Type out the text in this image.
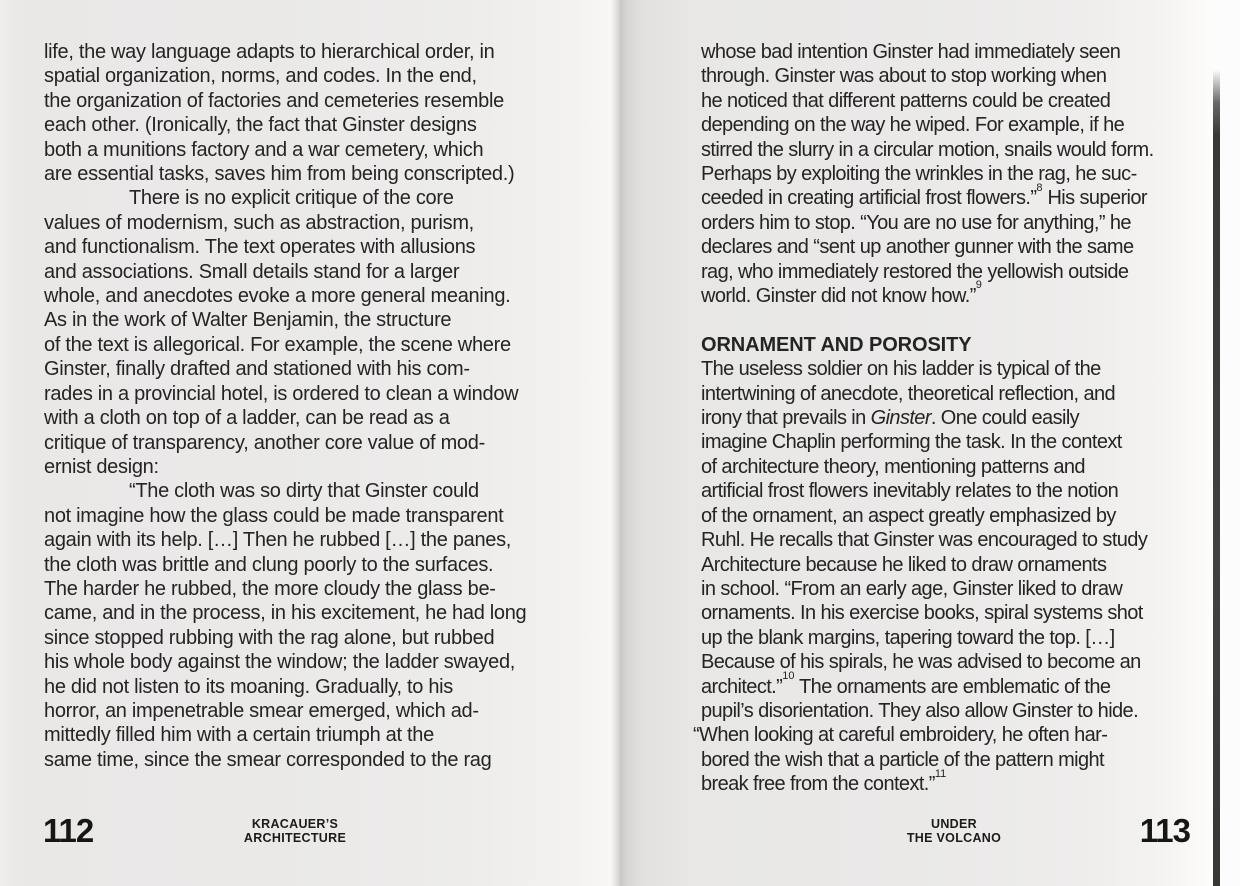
life, the way language adapts to hierarchical order, in
spatial organization, norms, and codes. In the end,
the organization of factories and cemeteries resemble
each other. (Ironically, the fact that Ginster designs
both a munitions factory and a war cemetery, which
are essential tasks, saves him from being conscripted.)
There is no explicit critique of the core
values of modernism, such as abstraction, purism,
and functionalism. The text operates with allusions
and associations. Small details stand for a larger
whole, and anecdotes evoke a more general meaning.
As in the work of Walter Benjamin, the structure
of the text is allegorical. For example, the scene where
Ginster, finally drafted and stationed with his com-
rades in a provincial hotel, is ordered to clean a window
with a cloth on top of a ladder, can be read as a
critique of transparency, another core value of mod-
ernist design:
“The cloth was so dirty that Ginster could
not imagine how the glass could be made transparent
again with its help. […] Then he rubbed […] the panes,
the cloth was brittle and clung poorly to the surfaces.
The harder he rubbed, the more cloudy the glass be-
came, and in the process, in his excitement, he had long
since stopped rubbing with the rag alone, but rubbed
his whole body against the window; the ladder swayed,
he did not listen to its moaning. Gradually, to his
horror, an impenetrable smear emerged, which ad-
mittedly filled him with a certain triumph at the
same time, since the smear corresponded to the rag
whose bad intention Ginster had immediately seen
through. Ginster was about to stop working when
he noticed that different patterns could be created
depending on the way he wiped. For example, if he
stirred the slurry in a circular motion, snails would form.
Perhaps by exploiting the wrinkles in the rag, he suc-
ceeded in creating artificial frost flowers.”$^8$ His superior
orders him to stop. “You are no use for anything,” he
declares and “sent up another gunner with the same
rag, who immediately restored the yellowish outside
world. Ginster did not know how.”$^9$
ORNAMENT AND POROSITY
The useless soldier on his ladder is typical of the
intertwining of anecdote, theoretical reflection, and
irony that prevails in Ginster. One could easily
imagine Chaplin performing the task. In the context
of architecture theory, mentioning patterns and
artificial frost flowers inevitably relates to the notion
of the ornament, an aspect greatly emphasized by
Ruhl. He recalls that Ginster was encouraged to study
Architecture because he liked to draw ornaments
in school. “From an early age, Ginster liked to draw
ornaments. In his exercise books, spiral systems shot
up the blank margins, tapering toward the top. […]
Because of his spirals, he was advised to become an
architect.”$^{10}$ The ornaments are emblematic of the
pupil’s disorientation. They also allow Ginster to hide.
“When looking at careful embroidery, he often har-
bored the wish that a particle of the pattern might
break free from the context.”$^{11}$
112	KRACAUER’S
ARCHITECTURE
UNDER
THE VOLCANO	113
